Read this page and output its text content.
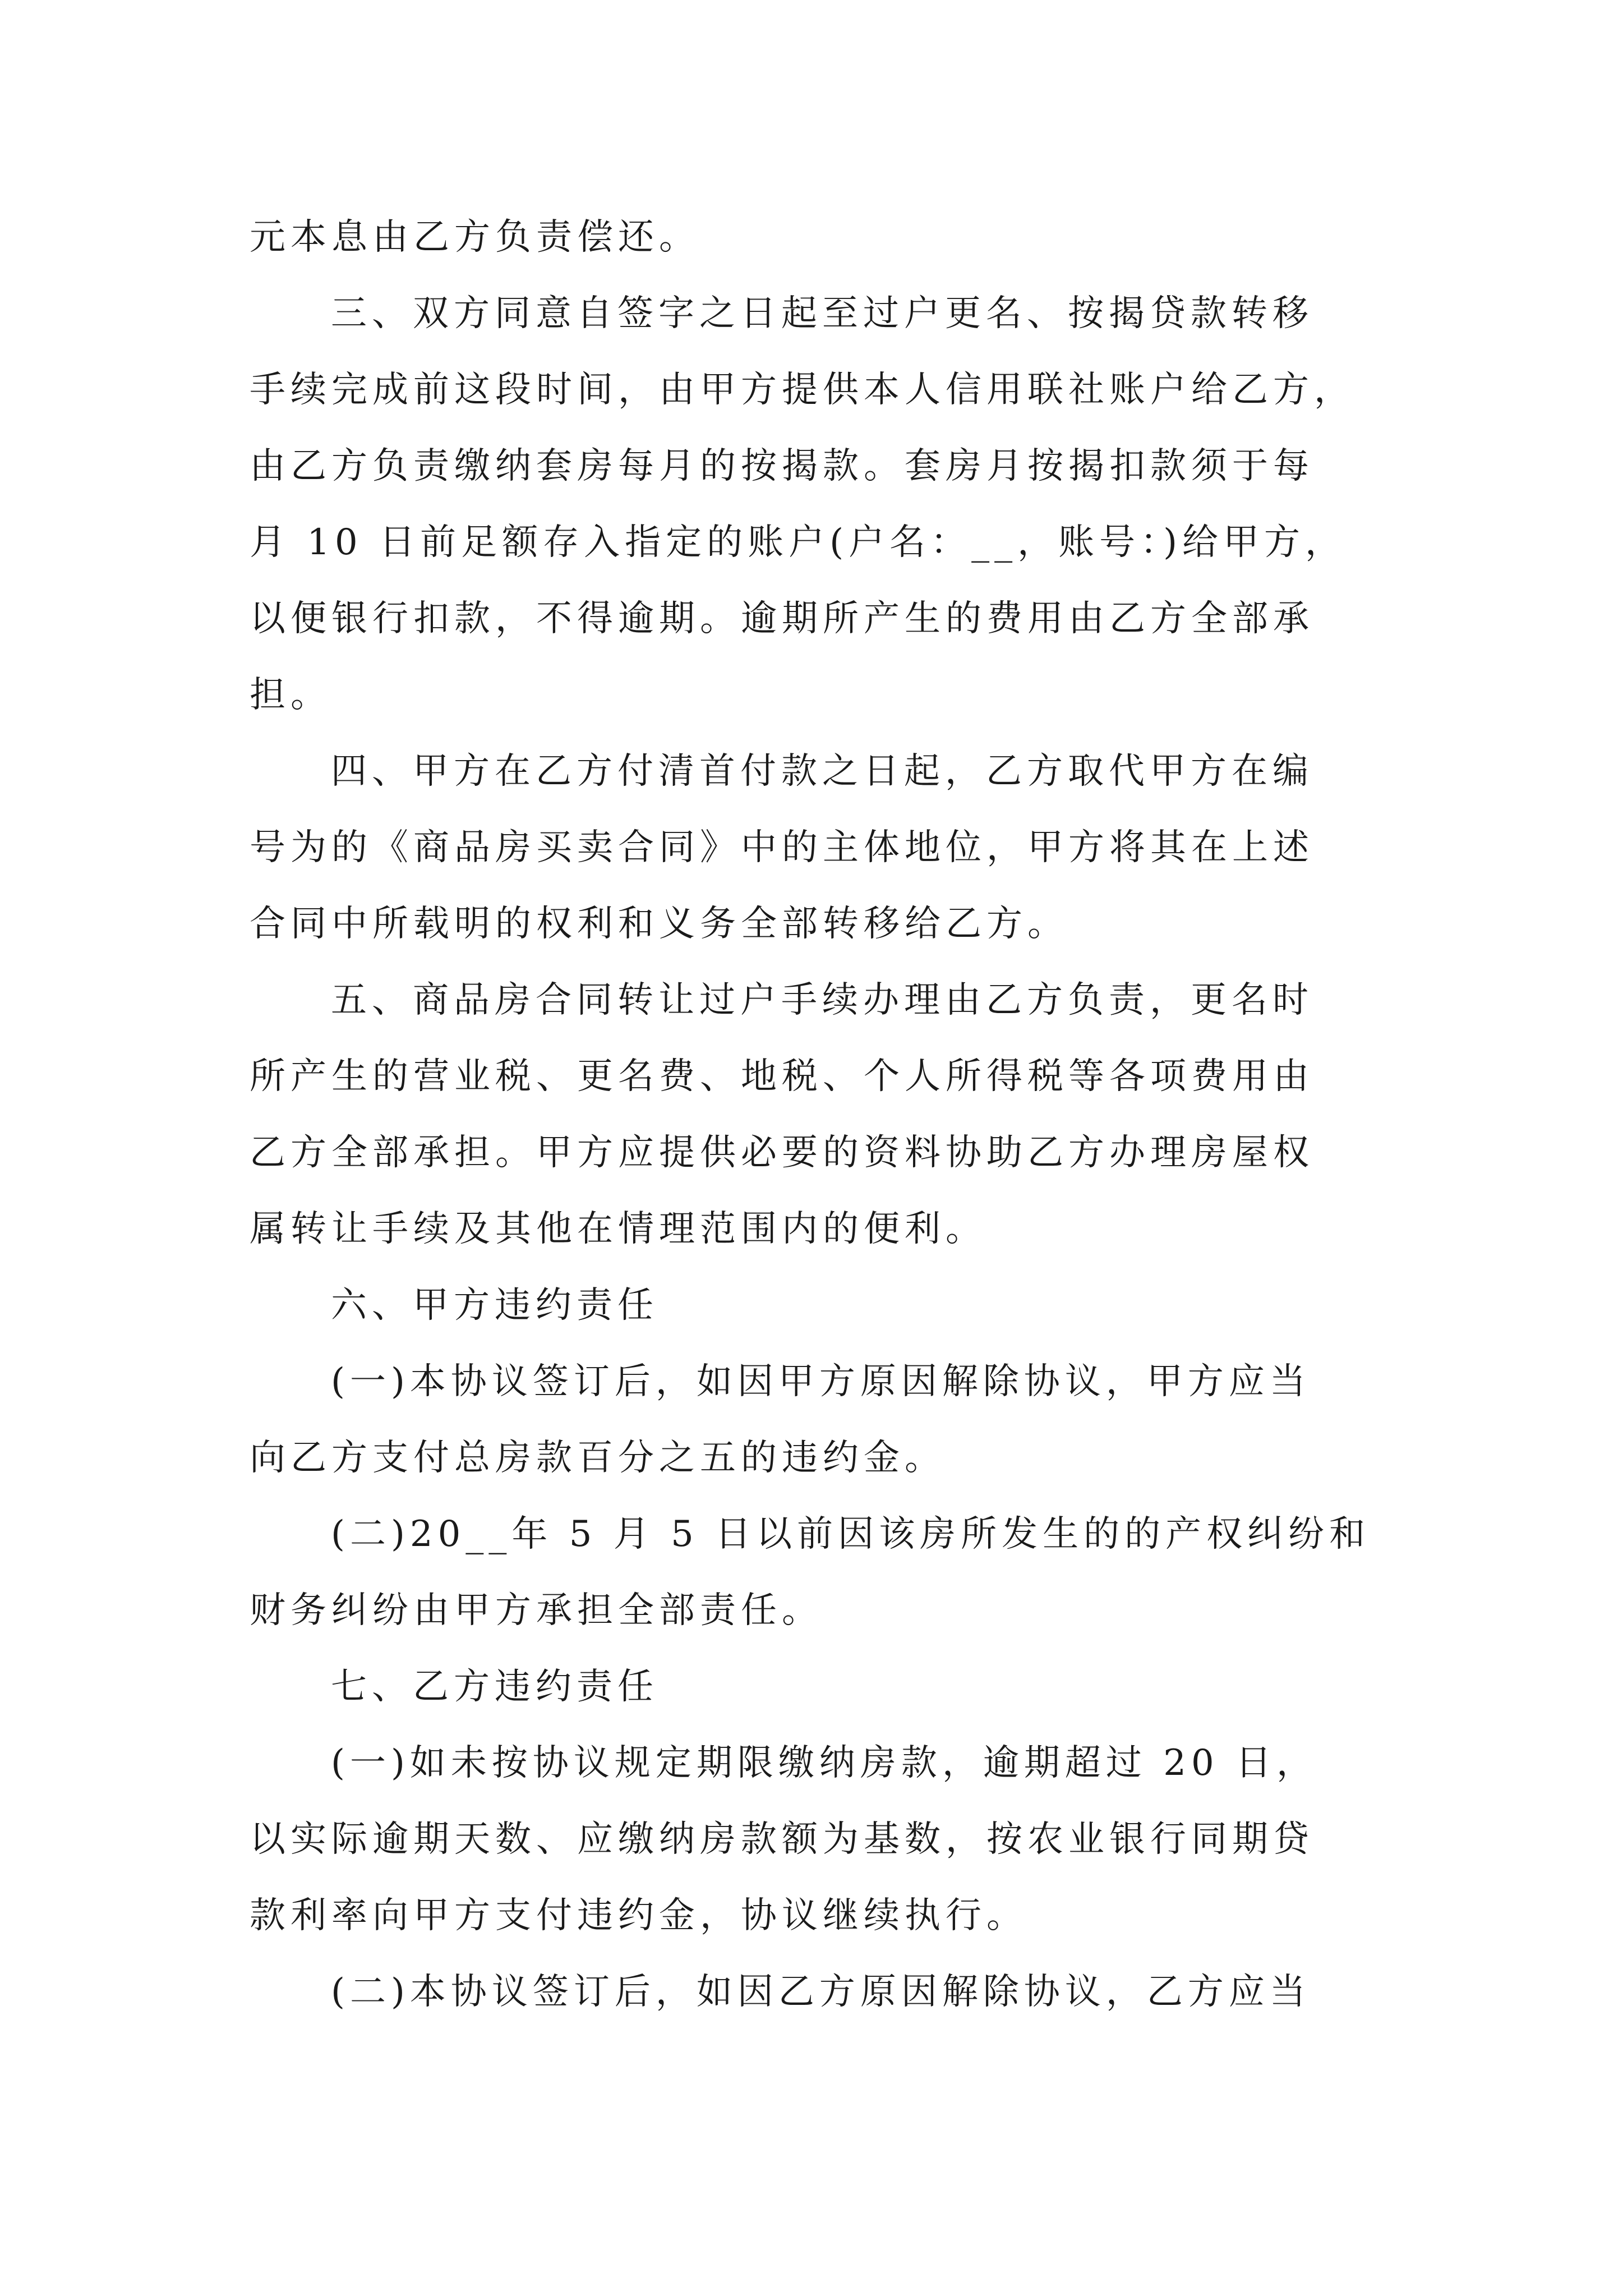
元本息由乙方负责偿还。
三、双方同意自签字之日起至过户更名、按揭贷款转移
手续完成前这段时间，由甲方提供本人信用联社账户给乙方，
由乙方负责缴纳套房每月的按揭款。套房月按揭扣款须于每
月 10 日前足额存入指定的账户(户名：__，账号：)给甲方，
以便银行扣款，不得逾期。逾期所产生的费用由乙方全部承
担。
四、甲方在乙方付清首付款之日起，乙方取代甲方在编
号为的《商品房买卖合同》中的主体地位，甲方将其在上述
合同中所载明的权利和义务全部转移给乙方。
五、商品房合同转让过户手续办理由乙方负责，更名时
所产生的营业税、更名费、地税、个人所得税等各项费用由
乙方全部承担。甲方应提供必要的资料协助乙方办理房屋权
属转让手续及其他在情理范围内的便利。
六、甲方违约责任
(一)本协议签订后，如因甲方原因解除协议，甲方应当
向乙方支付总房款百分之五的违约金。
(二)20__年 5 月 5 日以前因该房所发生的的产权纠纷和
财务纠纷由甲方承担全部责任。
七、乙方违约责任
(一)如未按协议规定期限缴纳房款，逾期超过 20 日，
以实际逾期天数、应缴纳房款额为基数，按农业银行同期贷
款利率向甲方支付违约金，协议继续执行。
(二)本协议签订后，如因乙方原因解除协议，乙方应当
